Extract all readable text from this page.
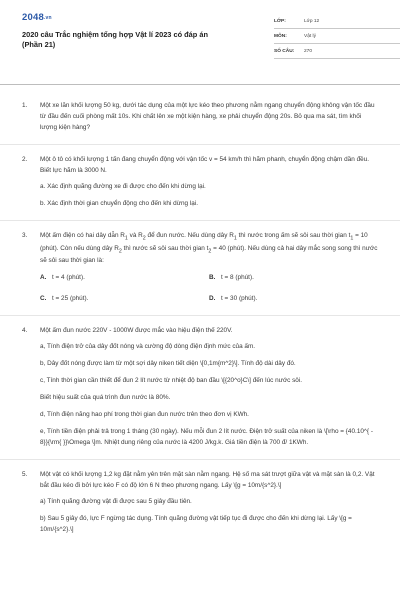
2048.vn
2020 câu Trắc nghiệm tổng hợp Vật lí 2023 có đáp án (Phần 21)
LỚP:	Lớp 12
MÔN:	Vật lý
SỐ CÂU:	270
1.	Một xe lăn khối lượng 50 kg, dưới tác dụng của một lực kéo theo phương nằm ngang chuyển động không vận tốc đầu từ đầu đến cuối phòng mất 10s. Khi chất lên xe một kiện hàng, xe phải chuyển động 20s. Bỏ qua ma sát, tìm khối lượng kiện hàng?
2.	Một ô tô có khối lượng 1 tấn đang chuyển động với vận tốc v = 54 km/h thì hãm phanh, chuyển động chậm dần đều. Biết lực hãm là 3000 N.
a. Xác định quãng đường xe đi được cho đến khi dừng lại.
b. Xác định thời gian chuyển động cho đến khi dừng lại.
3.	Một ấm điện có hai dây dẫn $R_1$ và $R_2$ để đun nước. Nếu dùng dây $R_1$ thì nước trong ấm sẽ sôi sau thời gian $t_1 = 10$ (phút). Còn nếu dùng dây $R_2$ thì nước sẽ sôi sau thời gian $t_2 = 40$ (phút). Nếu dùng cả hai dây mắc song song thì nước sẽ sôi sau thời gian là:
A. t = 4 (phút).	B. t = 8 (phút).
C. t = 25 (phút).	D. t = 30 (phút).
4.	Một ấm đun nước 220V - 1000W được mắc vào hiệu điện thế 220V.
a, Tính điện trở của dây đốt nóng và cường độ dòng điện định mức của ấm.
b, Dây đốt nóng được làm từ một sợi dây niken tiết diện \[0,1m{m^2}\]. Tính độ dài dây đó.
c, Tính thời gian cần thiết để đun 2 lít nước từ nhiệt độ ban đầu \[{20^o}C\] đến lúc nước sôi.
Biết hiệu suất của quá trình đun nước là 80%.
d, Tính điện năng hao phí trong thời gian đun nước trên theo đơn vị KWh.
e, Tính tiền điện phải trả trong 1 tháng (30 ngày). Nếu mỗi đun 2 lít nước. Điện trở suất của niken là \[\rho = {40.10^{ - 8}}{\rm{ }}\Omega \]m. Nhiệt dung riêng của nước là 4200 J/kg.k. Giá tiền điện là 700 đ/ 1KWh.
5.	Một vật có khối lượng 1,2 kg đặt nằm yên trên mặt sàn nằm ngang. Hệ số ma sát trượt giữa vật và mặt sàn là 0,2. Vật bắt đầu kéo đi bởi lực kéo F có độ lớn 6 N theo phương ngang. Lấy \[g = 10m/{s^2}.\]
a) Tính quãng đường vật đi được sau 5 giây đầu tiên.
b) Sau 5 giây đó, lực F ngừng tác dụng. Tính quãng đường vật tiếp tục đi được cho đến khi dừng lại. Lấy \[g = 10m/{s^2}.\]
